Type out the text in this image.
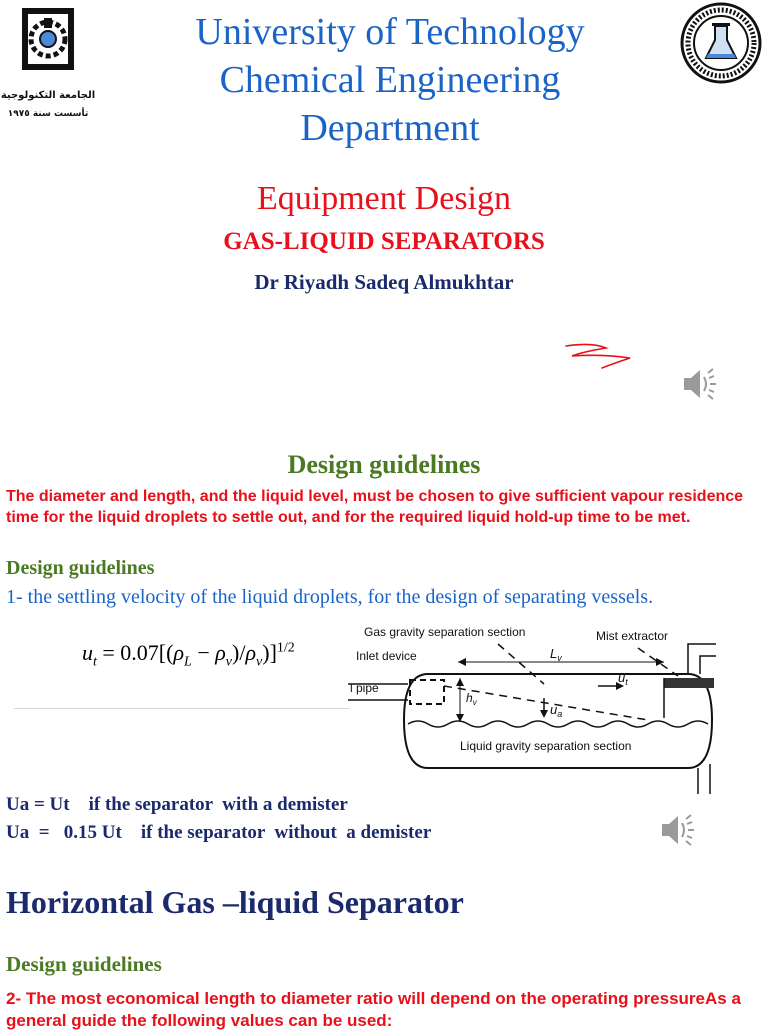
الجامعة التكنولوجية
تأسست سنة ١٩٧٥
University of Technology
Chemical Engineering
Department
Equipment Design
GAS-LIQUID SEPARATORS
Dr Riyadh Sadeq Almukhtar
Design guidelines
The diameter and length, and the liquid level, must be chosen to give sufficient vapour residence time for the liquid droplets to settle out, and for the required liquid hold-up time to be met.
Design guidelines
1- the settling velocity of the liquid droplets, for the design of separating vessels.
$u_t = 0.07[(\rho_L - \rho_v)/\rho_v)]^{1/2}$
Gas gravity separation section	Mist extractor
Inlet device
l pipe
$L_v$
$h_v$
$u_t$
$u_a$
Liquid gravity separation section
Ua = Ut    if the separator  with a demister
Ua  =   0.15 Ut    if the separator  without  a demister
Horizontal Gas –liquid Separator
Design guidelines
2- The most economical length to diameter ratio will depend on the operating pressureAs a general guide the following values can be used:
